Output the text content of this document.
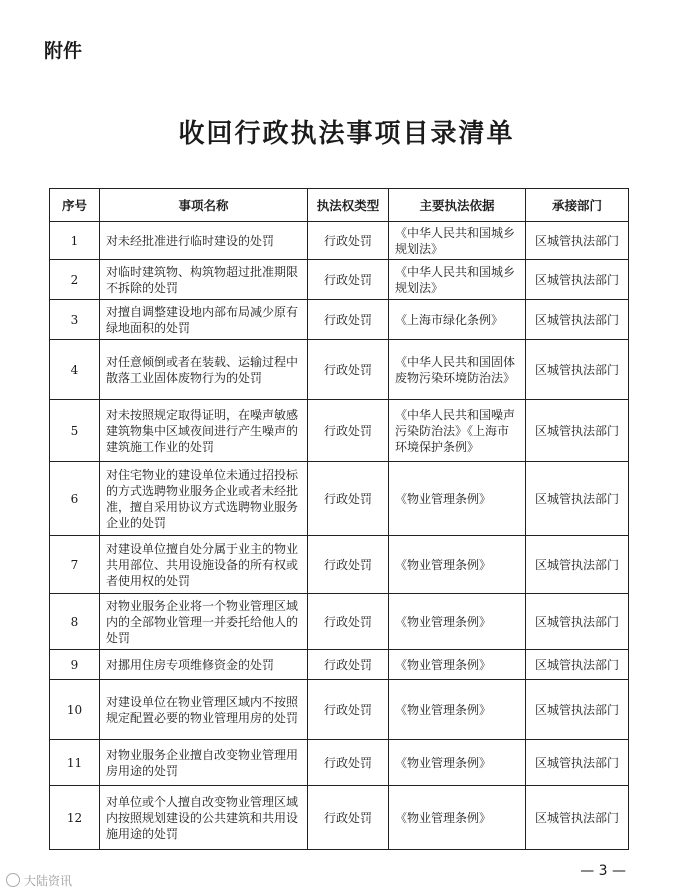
附件
收回行政执法事项目录清单
序号	事项名称	执法权类型	主要执法依据	承接部门
1	对未经批准进行临时建设的处罚	行政处罚	《中华人民共和国城乡规划法》	区城管执法部门
2	对临时建筑物、构筑物超过批准期限不拆除的处罚	行政处罚	《中华人民共和国城乡规划法》	区城管执法部门
3	对擅自调整建设地内部布局减少原有绿地面积的处罚	行政处罚	《上海市绿化条例》	区城管执法部门
4	对任意倾倒或者在装载、运输过程中散落工业固体废物行为的处罚	行政处罚	《中华人民共和国固体废物污染环境防治法》	区城管执法部门
5	对未按照规定取得证明，在噪声敏感建筑物集中区域夜间进行产生噪声的建筑施工作业的处罚	行政处罚	《中华人民共和国噪声污染防治法》《上海市环境保护条例》	区城管执法部门
6	对住宅物业的建设单位未通过招投标的方式选聘物业服务企业或者未经批准，擅自采用协议方式选聘物业服务企业的处罚	行政处罚	《物业管理条例》	区城管执法部门
7	对建设单位擅自处分属于业主的物业共用部位、共用设施设备的所有权或者使用权的处罚	行政处罚	《物业管理条例》	区城管执法部门
8	对物业服务企业将一个物业管理区域内的全部物业管理一并委托给他人的处罚	行政处罚	《物业管理条例》	区城管执法部门
9	对挪用住房专项维修资金的处罚	行政处罚	《物业管理条例》	区城管执法部门
10	对建设单位在物业管理区域内不按照规定配置必要的物业管理用房的处罚	行政处罚	《物业管理条例》	区城管执法部门
11	对物业服务企业擅自改变物业管理用房用途的处罚	行政处罚	《物业管理条例》	区城管执法部门
12	对单位或个人擅自改变物业管理区域内按照规划建设的公共建筑和共用设施用途的处罚	行政处罚	《物业管理条例》	区城管执法部门
— 3 —
大陆资讯
